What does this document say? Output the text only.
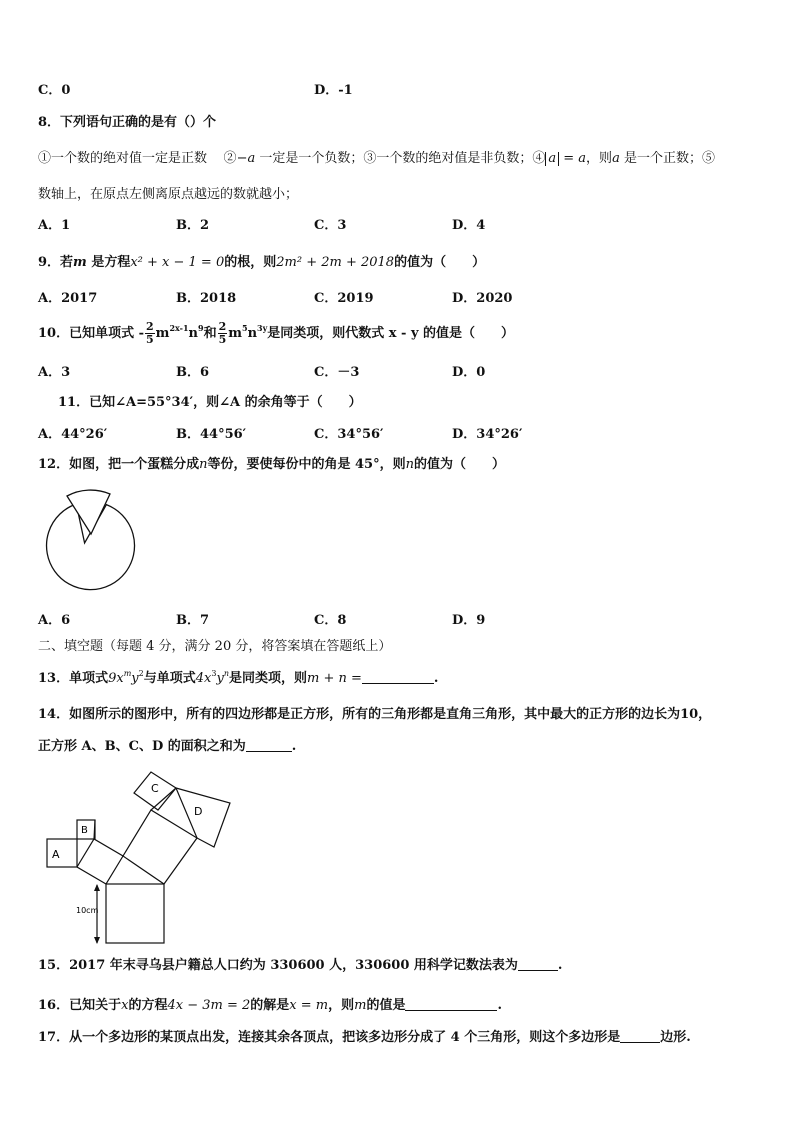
C．0	D．-1
8．下列语句正确的是有（）个
①一个数的绝对值一定是正数 ②−a 一定是一个负数；③一个数的绝对值是非负数；④ a = a，则a 是一个正数；⑤
数轴上，在原点左侧离原点越远的数就越小；
A．1	B．2	C．3	D．4
9．若m 是方程x² + x − 1 = 0的根，则2m² + 2m + 2018的值为（　　）
A．2017	B．2018	C．2019	D．2020
10．已知单项式 - $\frac{2}{5} m^{2x-1}n^9$和 $\frac{2}{5} m^5n^{3y}$是同类项，则代数式 x - y 的值是（　　）
A．3	B．6	C．－3	D．0
11．已知∠A=55°34′，则∠A 的余角等于（　　）
A．44°26′	B．44°56′	C．34°56′	D．34°26′
12．如图，把一个蛋糕分成n等份，要使每份中的角是 45°，则n的值为（　　）
A．6	B．7	C．8	D．9
二、填空题（每题 4 分，满分 20 分，将答案填在答题纸上）
13．单项式$9x^my^2$与单项式$4x^3y^n$是同类项，则m + n =	.
14．如图所示的图形中，所有的四边形都是正方形，所有的三角形都是直角三角形，其中最大的正方形的边长为10，
正方形 A、B、C、D 的面积之和为	.
A
B
C
D
10cm
15．2017 年末寻乌县户籍总人口约为 330600 人，330600 用科学记数法表为	.
16．已知关于x的方程4x − 3m = 2的解是x = m，则m的值是	.
17．从一个多边形的某顶点出发，连接其余各顶点，把该多边形分成了 4 个三角形，则这个多边形是	边形.
